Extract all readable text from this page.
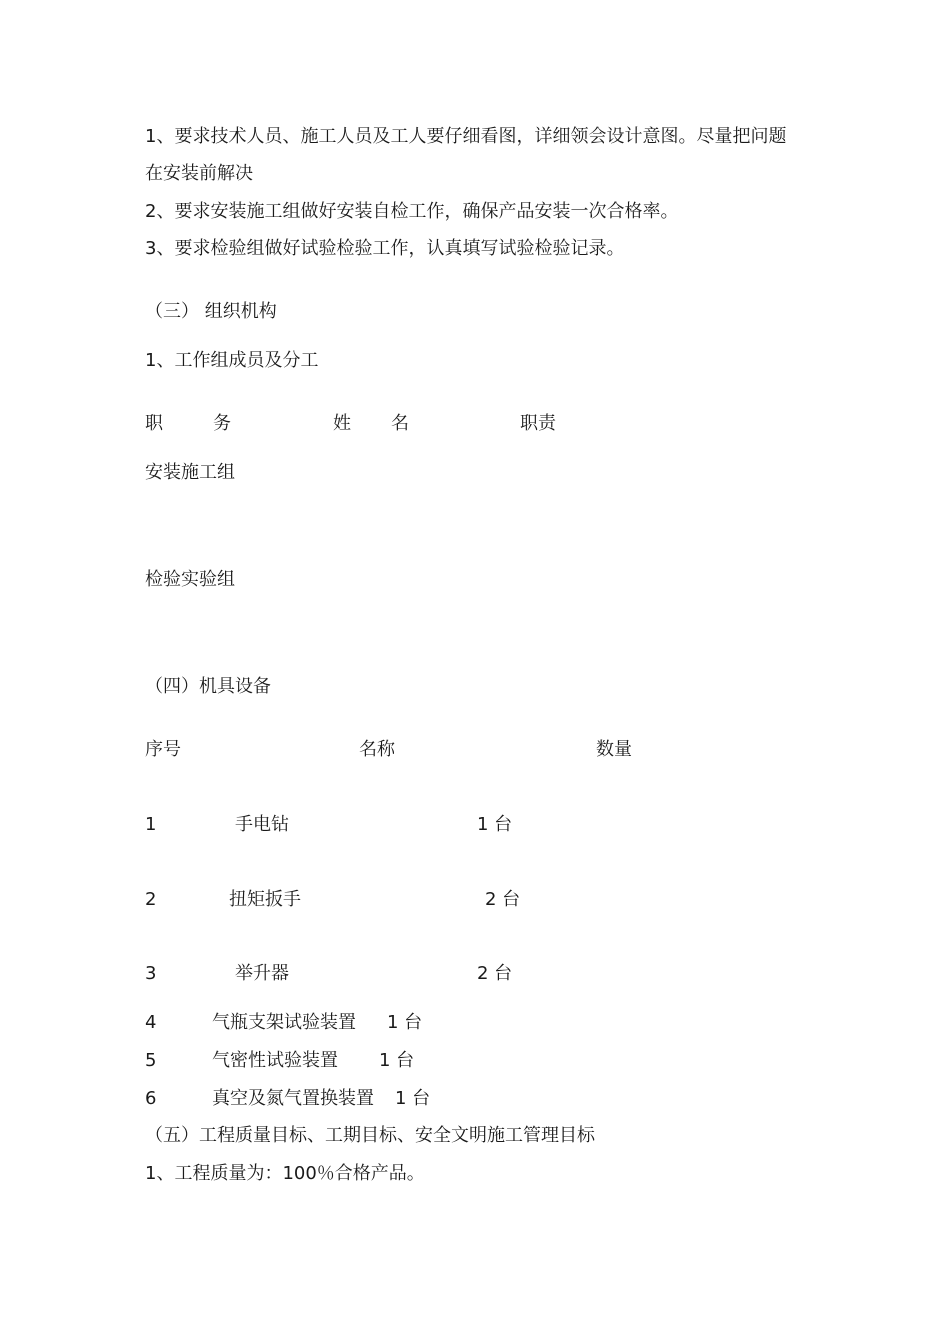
1、要求技术人员、施工人员及工人要仔细看图，详细领会设计意图。尽量把问题
在安装前解决
2、要求安装施工组做好安装自检工作，确保产品安装一次合格率。
3、要求检验组做好试验检验工作，认真填写试验检验记录。
（三） 组织机构
1、工作组成员及分工
职	务	姓 名	职责
安装施工组
检验实验组
（四）机具设备
序号	名称	数量
1	手电钻	1 台
2	扭矩扳手	2 台
3	举升器	2 台
4	气瓶支架试验装置 1 台
5	气密性试验装置 1 台
6	真空及氮气置换装置 1 台
（五）工程质量目标、工期目标、安全文明施工管理目标
1、工程质量为：100％合格产品。
